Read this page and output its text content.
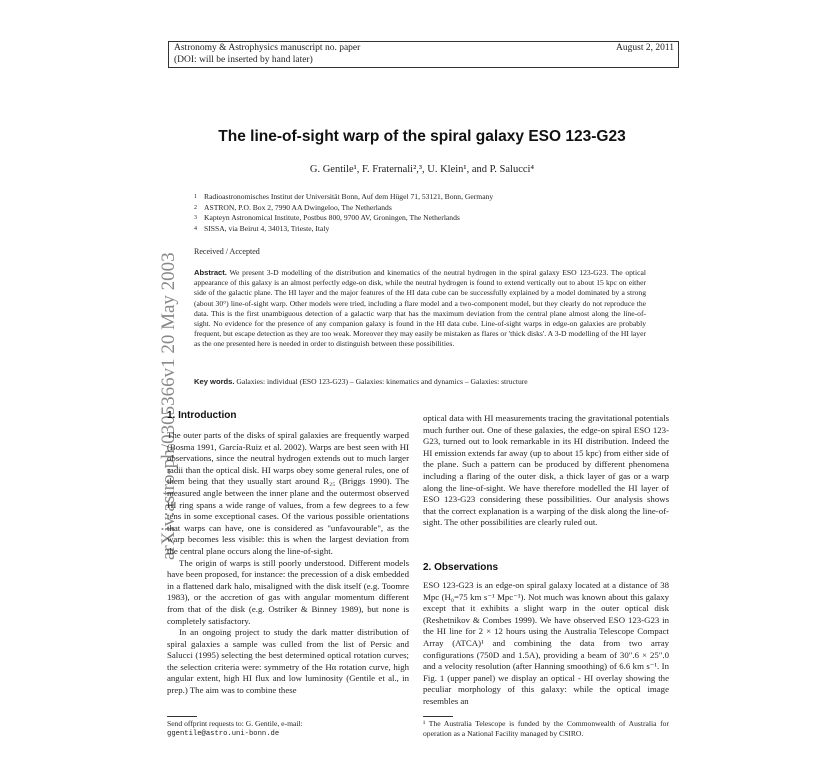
Astronomy & Astrophysics manuscript no. paper
(DOI: will be inserted by hand later)
August 2, 2011
arXiv:astro-ph/0305366v1 20 May 2003
The line-of-sight warp of the spiral galaxy ESO 123-G23
G. Gentile¹, F. Fraternali²,³, U. Klein¹, and P. Salucci⁴
1 Radioastronomisches Institut der Universität Bonn, Auf dem Hügel 71, 53121, Bonn, Germany
2 ASTRON, P.O. Box 2, 7990 AA Dwingeloo, The Netherlands
3 Kapteyn Astronomical Institute, Postbus 800, 9700 AV, Groningen, The Netherlands
4 SISSA, via Beirut 4, 34013, Trieste, Italy
Received / Accepted
Abstract. We present 3-D modelling of the distribution and kinematics of the neutral hydrogen in the spiral galaxy ESO 123-G23. The optical appearance of this galaxy is an almost perfectly edge-on disk, while the neutral hydrogen is found to extend vertically out to about 15 kpc on either side of the galactic plane. The HI layer and the major features of the HI data cube can be successfully explained by a model dominated by a strong (about 30°) line-of-sight warp. Other models were tried, including a flare model and a two-component model, but they clearly do not reproduce the data. This is the first unambiguous detection of a galactic warp that has the maximum deviation from the central plane almost along the line-of-sight. No evidence for the presence of any companion galaxy is found in the HI data cube. Line-of-sight warps in edge-on galaxies are probably frequent, but escape detection as they are too weak. Moreover they may easily be mistaken as flares or 'thick disks'. A 3-D modelling of the HI layer as the one presented here is needed in order to distinguish between these possibilities.
Key words. Galaxies: individual (ESO 123-G23) – Galaxies: kinematics and dynamics – Galaxies: structure
1. Introduction

The outer parts of the disks of spiral galaxies are frequently warped (Bosma 1991, García-Ruiz et al. 2002). Warps are best seen with HI observations, since the neutral hydrogen extends out to much larger radii than the optical disk. HI warps obey some general rules, one of them being that they usually start around R₂₅ (Briggs 1990). The measured angle between the inner plane and the outermost observed HI ring spans a wide range of values, from a few degrees to a few tens in some exceptional cases. Of the various possible orientations that warps can have, one is considered as "unfavourable", as the warp becomes less visible: this is when the largest deviation from the central plane occurs along the line-of-sight.

The origin of warps is still poorly understood. Different models have been proposed, for instance: the precession of a disk embedded in a flattened dark halo, misaligned with the disk itself (e.g. Toomre 1983), or the accretion of gas with angular momentum different from that of the disk (e.g. Ostriker & Binney 1989), but none is completely satisfactory.

In an ongoing project to study the dark matter distribution of spiral galaxies a sample was culled from the list of Persic and Salucci (1995) selecting the best determined optical rotation curves; the selection criteria were: symmetry of the Hα rotation curve, high angular extent, high HI flux and low luminosity (Gentile et al., in prep.) The aim was to combine these

optical data with HI measurements tracing the gravitational potentials much further out. One of these galaxies, the edge-on spiral ESO 123-G23, turned out to look remarkable in its HI distribution. Indeed the HI emission extends far away (up to about 15 kpc) from either side of the plane. Such a pattern can be produced by different phenomena including a flaring of the outer disk, a thick layer of gas or a warp along the line-of-sight. We have therefore modelled the HI layer of ESO 123-G23 considering these possibilities. Our analysis shows that the correct explanation is a warping of the disk along the line-of-sight. The other possibilities are clearly ruled out.

2. Observations

ESO 123-G23 is an edge-on spiral galaxy located at a distance of 38 Mpc (H₀=75 km s⁻¹ Mpc⁻¹). Not much was known about this galaxy except that it exhibits a slight warp in the outer optical disk (Reshetnikov & Combes 1999). We have observed ESO 123-G23 in the HI line for 2 × 12 hours using the Australia Telescope Compact Array (ATCA)¹ and combining the data from two array configurations (750D and 1.5A), providing a beam of 30″.6 × 25″.0 and a velocity resolution (after Hanning smoothing) of 6.6 km s⁻¹. In Fig. 1 (upper panel) we display an optical - HI overlay showing the peculiar morphology of this galaxy: while the optical image resembles an

Send offprint requests to: G. Gentile, e-mail:
ggentile@astro.uni-bonn.de
¹ The Australia Telescope is funded by the Commonwealth of Australia for operation as a National Facility managed by CSIRO.
